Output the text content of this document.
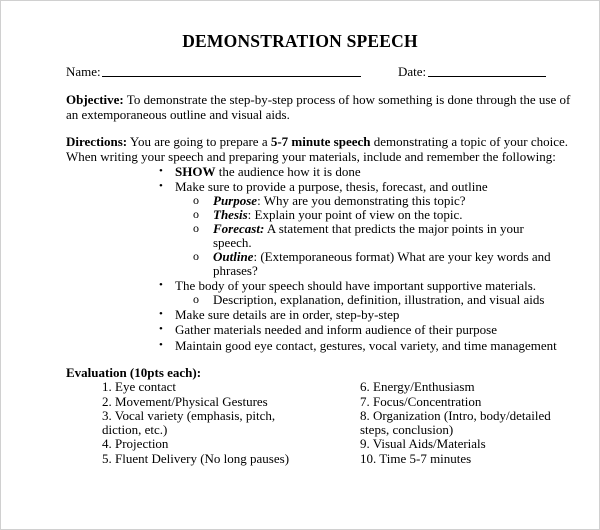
DEMONSTRATION SPEECH
Name:	Date:
Objective: To demonstrate the step-by-step process of how something is done through the use of
an extemporaneous outline and visual aids.
Directions: You are going to prepare a 5-7 minute speech demonstrating a topic of your choice.
When writing your speech and preparing your materials, include and remember the following:
• SHOW the audience how it is done
• Make sure to provide a purpose, thesis, forecast, and outline
o Purpose: Why are you demonstrating this topic?
o Thesis: Explain your point of view on the topic.
o Forecast: A statement that predicts the major points in your
speech.
o Outline: (Extemporaneous format) What are your key words and
phrases?
• The body of your speech should have important supportive materials.
o Description, explanation, definition, illustration, and visual aids
• Make sure details are in order, step-by-step
• Gather materials needed and inform audience of their purpose
• Maintain good eye contact, gestures, vocal variety, and time management
Evaluation (10pts each):
1. Eye contact
2. Movement/Physical Gestures
3. Vocal variety (emphasis, pitch,
diction, etc.)
4. Projection
5. Fluent Delivery (No long pauses)
6. Energy/Enthusiasm
7. Focus/Concentration
8. Organization (Intro, body/detailed
steps, conclusion)
9. Visual Aids/Materials
10. Time 5-7 minutes
